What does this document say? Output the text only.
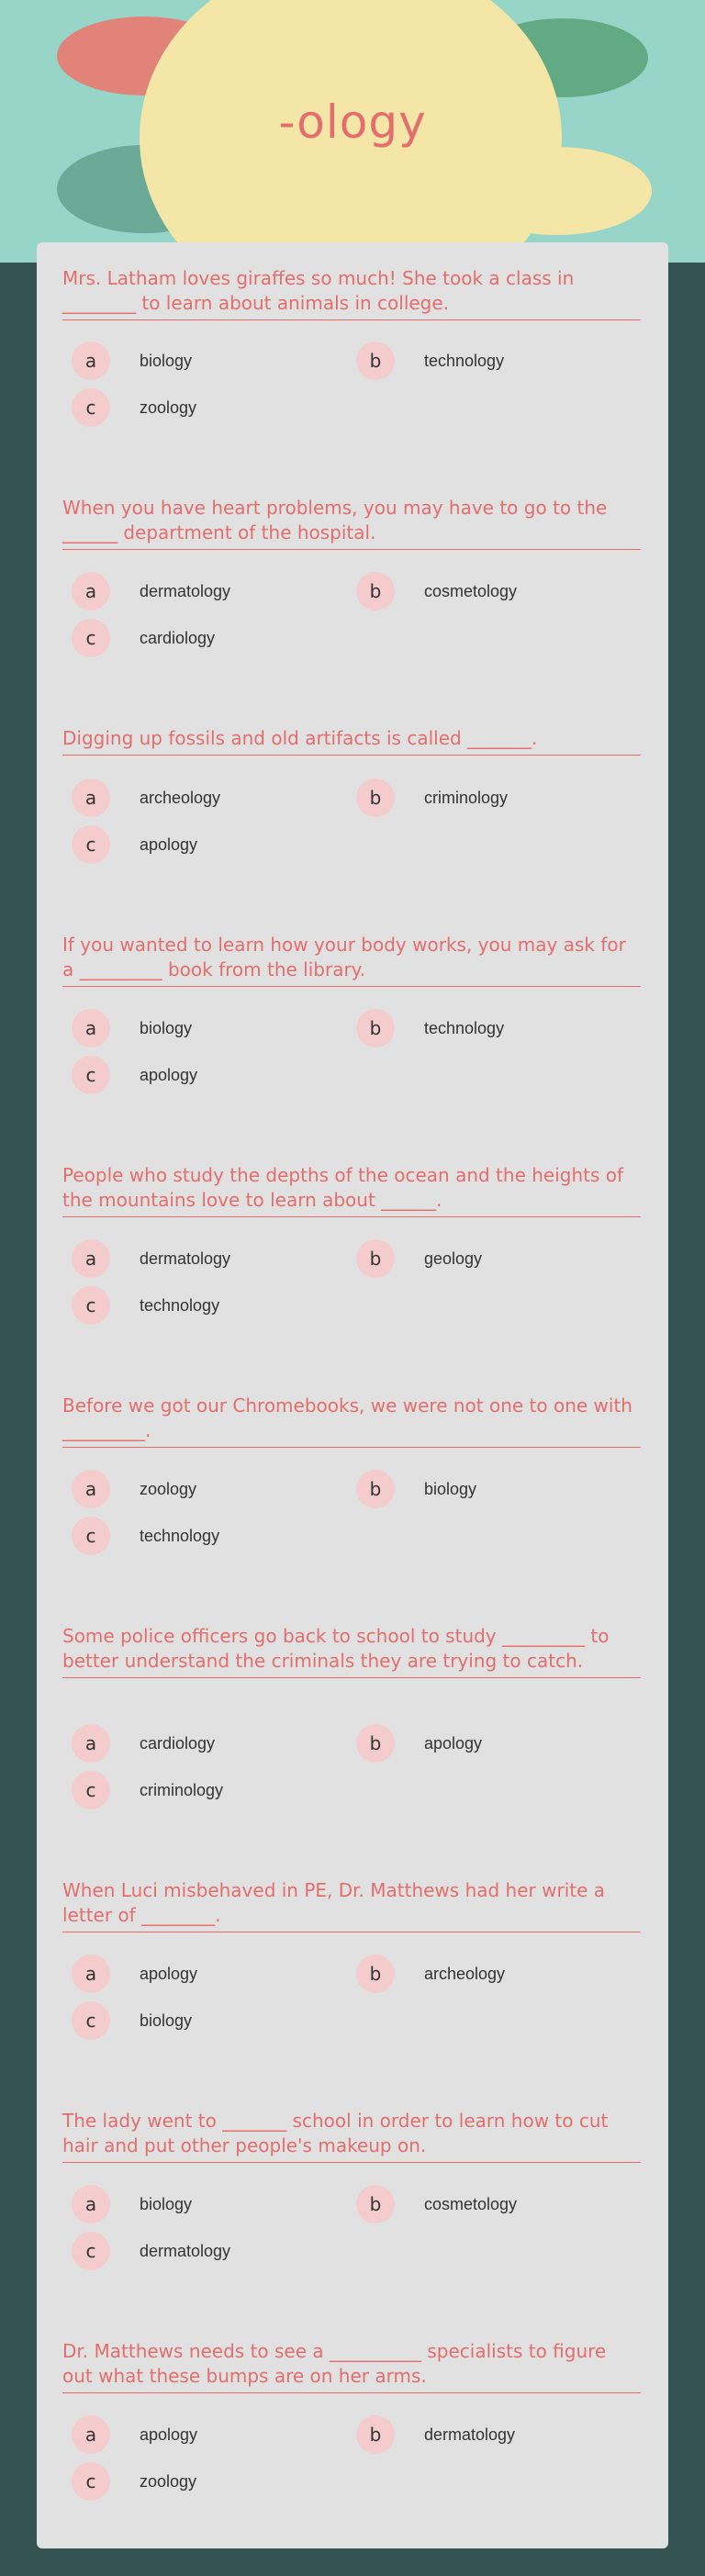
-ology
Mrs. Latham loves giraffes so much! She took a class in ________ to learn about animals in college.
a	biology	b	technology
c	zoology
When you have heart problems, you may have to go to the ______ department of the hospital.
a	dermatology	b	cosmetology
c	cardiology
Digging up fossils and old artifacts is called _______.
a	archeology	b	criminology
c	apology
If you wanted to learn how your body works, you may ask for a _________ book from the library.
a	biology	b	technology
c	apology
People who study the depths of the ocean and the heights of the mountains love to learn about ______.
a	dermatology	b	geology
c	technology
Before we got our Chromebooks, we were not one to one with _________.
a	zoology	b	biology
c	technology
Some police officers go back to school to study _________ to better understand the criminals they are trying to catch.
a	cardiology	b	apology
c	criminology
When Luci misbehaved in PE, Dr. Matthews had her write a letter of ________.
a	apology	b	archeology
c	biology
The lady went to _______ school in order to learn how to cut hair and put other people's makeup on.
a	biology	b	cosmetology
c	dermatology
Dr. Matthews needs to see a __________ specialists to figure out what these bumps are on her arms.
a	apology	b	dermatology
c	zoology
